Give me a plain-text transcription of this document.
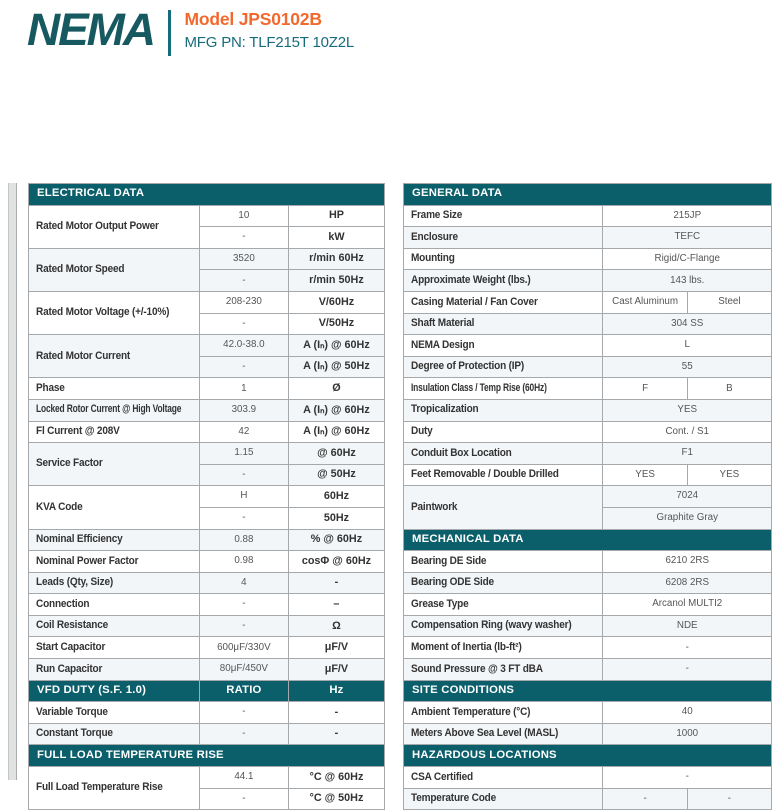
NEMA Model JPS0102B
MFG PN: TLF215T 10Z2L
ELECTRICAL DATA		
Rated Motor Output Power	10	HP
	-	kW
Rated Motor Speed	3520	r/min 60Hz
	-	r/min 50Hz
Rated Motor Voltage (+/-10%)	208-230	V/60Hz
	-	V/50Hz
Rated Motor Current	42.0-38.0	A (Iₙ) @ 60Hz
	-	A (Iₙ) @ 50Hz
Phase	1	Ø
Locked Rotor Current @ High Voltage	303.9	A (Iₙ) @ 60Hz
Fl Current @ 208V	42	A (Iₙ) @ 60Hz
Service Factor	1.15	@ 60Hz
	-	@ 50Hz
KVA Code	H	60Hz
	-	50Hz
Nominal Efficiency	0.88	% @ 60Hz
Nominal Power Factor	0.98	cosΦ @ 60Hz
Leads (Qty, Size)	4	-
Connection	-	–
Coil Resistance	-	Ω
Start Capacitor	600μF/330V	μF/V
Run Capacitor	80μF/450V	μF/V
VFD DUTY (S.F. 1.0)	RATIO	Hz
Variable Torque	-	-
Constant Torque	-	-
FULL LOAD TEMPERATURE RISE		
Full Load Temperature Rise	44.1	°C @ 60Hz
	-	°C @ 50Hz
GENERAL DATA		
Frame Size	215JP	
Enclosure	TEFC	
Mounting	Rigid/C-Flange	
Approximate Weight (lbs.)	143 lbs.	
Casing Material / Fan Cover	Cast Aluminum	Steel
Shaft Material	304 SS	
NEMA Design	L	
Degree of Protection (IP)	55	
Insulation Class / Temp Rise (60Hz)	F	B
Tropicalization	YES	
Duty	Cont. / S1	
Conduit Box Location	F1	
Feet Removable / Double Drilled	YES	YES
Paintwork	7024	
	Graphite Gray	
MECHANICAL DATA		
Bearing DE Side	6210 2RS	
Bearing ODE Side	6208 2RS	
Grease Type	Arcanol MULTI2	
Compensation Ring (wavy washer)	NDE	
Moment of Inertia (lb-ft²)	-	
Sound Pressure @ 3 FT dBA	-	
SITE CONDITIONS		
Ambient Temperature (°C)	40	
Meters Above Sea Level (MASL)	1000	
HAZARDOUS LOCATIONS		
CSA Certified	-	
Temperature Code	-	-
